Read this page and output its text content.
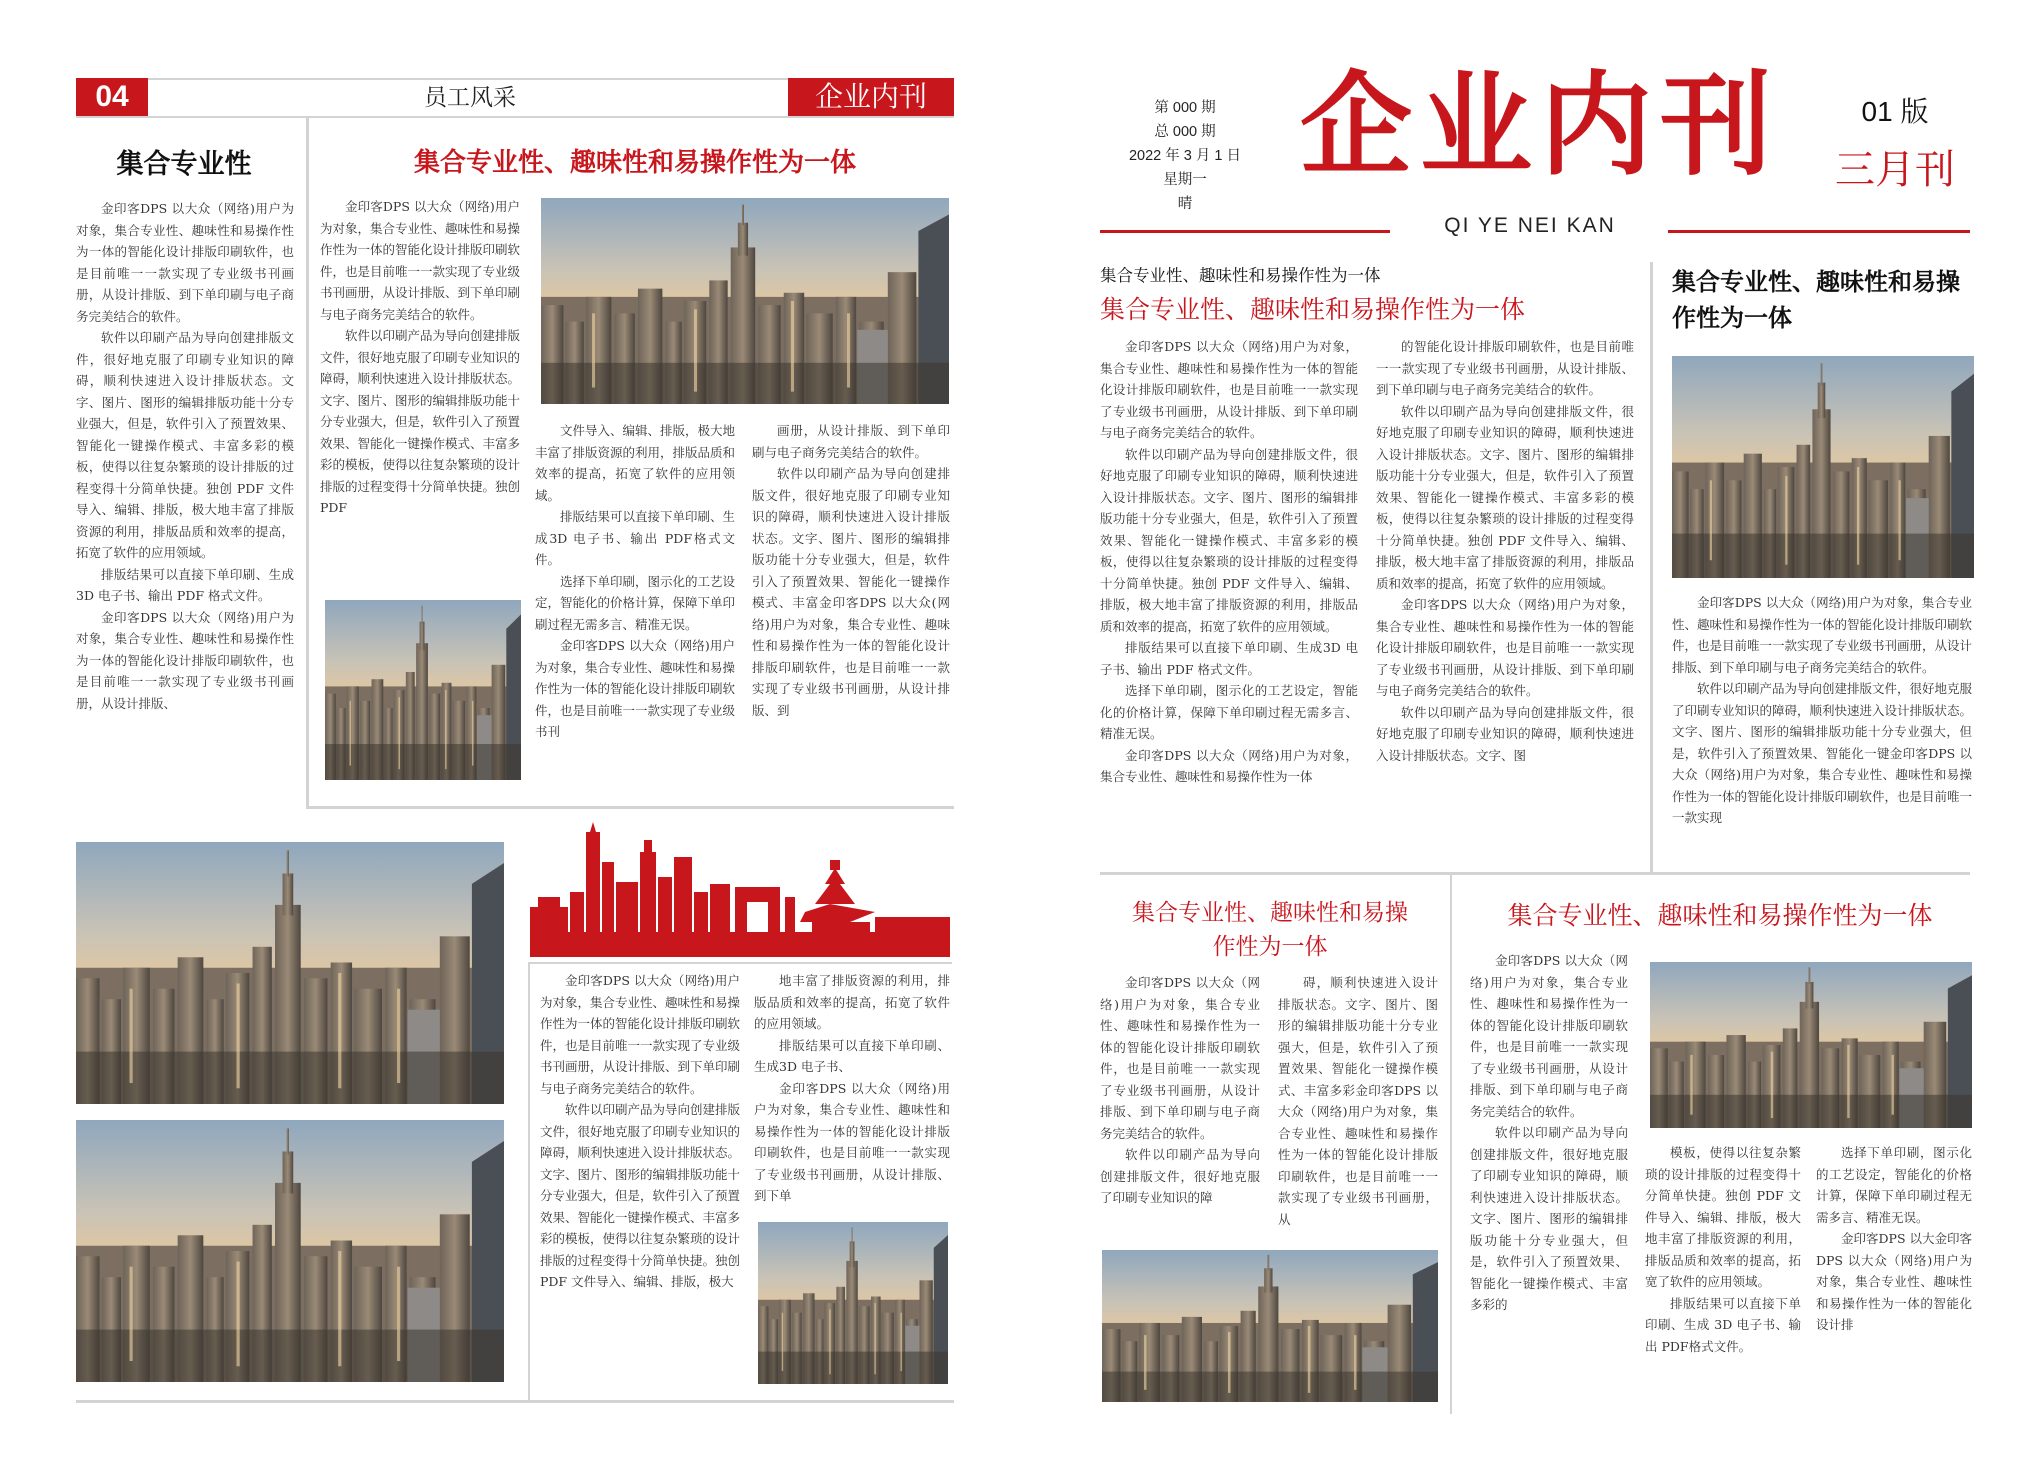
04	员工风采	企业内刊
集合专业性

金印客DPS 以大众（网络)用户为对象，集合专业性、趣味性和易操作性为一体的智能化设计排版印刷软件，也是目前唯一一款实现了专业级书刊画册，从设计排版、到下单印刷与电子商务完美结合的软件。

软件以印刷产品为导向创建排版文件，很好地克服了印刷专业知识的障碍，顺利快速进入设计排版状态。文字、图片、图形的编辑排版功能十分专业强大，但是，软件引入了预置效果、智能化一键操作模式、丰富多彩的模板，使得以往复杂繁琐的设计排版的过程变得十分简单快捷。独创 PDF 文件导入、编辑、排版，极大地丰富了排版资源的利用，排版品质和效率的提高，拓宽了软件的应用领域。

排版结果可以直接下单印刷、生成 3D 电子书、输出 PDF 格式文件。

金印客DPS 以大众（网络)用户为对象，集合专业性、趣味性和易操作性为一体的智能化设计排版印刷软件，也是目前唯一一款实现了专业级书刊画册，从设计排版、

集合专业性、趣味性和易操作性为一体

金印客DPS 以大众（网络)用户为对象，集合专业性、趣味性和易操作性为一体的智能化设计排版印刷软件，也是目前唯一一款实现了专业级书刊画册，从设计排版、到下单印刷与电子商务完美结合的软件。

软件以印刷产品为导向创建排版文件，很好地克服了印刷专业知识的障碍，顺利快速进入设计排版状态。文字、图片、图形的编辑排版功能十分专业强大，但是，软件引入了预置效果、智能化一键操作模式、丰富多彩的模板，使得以往复杂繁琐的设计排版的过程变得十分简单快捷。独创 PDF

文件导入、编辑、排版，极大地丰富了排版资源的利用，排版品质和效率的提高，拓宽了软件的应用领域。

排版结果可以直接下单印刷、生成3D 电子书、输出 PDF格式文件。

选择下单印刷，图示化的工艺设定，智能化的价格计算，保障下单印刷过程无需多言、精准无误。

金印客DPS 以大众（网络)用户为对象，集合专业性、趣味性和易操作性为一体的智能化设计排版印刷软件，也是目前唯一一款实现了专业级书刊

画册，从设计排版、到下单印刷与电子商务完美结合的软件。

软件以印刷产品为导向创建排版文件，很好地克服了印刷专业知识的障碍，顺利快速进入设计排版状态。文字、图片、图形的编辑排版功能十分专业强大，但是，软件引入了预置效果、智能化一键操作模式、丰富金印客DPS 以大众(网络)用户为对象，集合专业性、趣味性和易操作性为一体的智能化设计排版印刷软件，也是目前唯一一款实现了专业级书刊画册，从设计排版、到

金印客DPS 以大众（网络)用户为对象，集合专业性、趣味性和易操作性为一体的智能化设计排版印刷软件，也是目前唯一一款实现了专业级书刊画册，从设计排版、到下单印刷与电子商务完美结合的软件。

软件以印刷产品为导向创建排版文件，很好地克服了印刷专业知识的障碍，顺利快速进入设计排版状态。文字、图片、图形的编辑排版功能十分专业强大，但是，软件引入了预置效果、智能化一键操作模式、丰富多彩的模板，使得以往复杂繁琐的设计排版的过程变得十分简单快捷。独创 PDF 文件导入、编辑、排版，极大

地丰富了排版资源的利用，排版品质和效率的提高，拓宽了软件的应用领域。

排版结果可以直接下单印刷、生成3D 电子书、

金印客DPS 以大众（网络)用户为对象，集合专业性、趣味性和易操作性为一体的智能化设计排版印刷软件，也是目前唯一一款实现了专业级书刊画册，从设计排版、到下单

第 000 期
总 000 期
2022 年 3 月 1 日
星期一
晴
企业内刊
QI YE NEI KAN
01 版
三月刊
集合专业性、趣味性和易操作性为一体
集合专业性、趣味性和易操作性为一体

金印客DPS 以大众（网络)用户为对象，集合专业性、趣味性和易操作性为一体的智能化设计排版印刷软件，也是目前唯一一款实现了专业级书刊画册，从设计排版、到下单印刷与电子商务完美结合的软件。

软件以印刷产品为导向创建排版文件，很好地克服了印刷专业知识的障碍，顺利快速进入设计排版状态。文字、图片、图形的编辑排版功能十分专业强大，但是，软件引入了预置效果、智能化一键操作模式、丰富多彩的模板，使得以往复杂繁琐的设计排版的过程变得十分简单快捷。独创 PDF 文件导入、编辑、排版，极大地丰富了排版资源的利用，排版品质和效率的提高，拓宽了软件的应用领域。

排版结果可以直接下单印刷、生成3D 电子书、输出 PDF 格式文件。

选择下单印刷，图示化的工艺设定，智能化的价格计算，保障下单印刷过程无需多言、精准无误。

金印客DPS 以大众（网络)用户为对象，集合专业性、趣味性和易操作性为一体

的智能化设计排版印刷软件，也是目前唯一一款实现了专业级书刊画册，从设计排版、到下单印刷与电子商务完美结合的软件。

软件以印刷产品为导向创建排版文件，很好地克服了印刷专业知识的障碍，顺利快速进入设计排版状态。文字、图片、图形的编辑排版功能十分专业强大，但是，软件引入了预置效果、智能化一键操作模式、丰富多彩的模板，使得以往复杂繁琐的设计排版的过程变得十分简单快捷。独创 PDF 文件导入、编辑、排版，极大地丰富了排版资源的利用，排版品质和效率的提高，拓宽了软件的应用领域。

金印客DPS 以大众（网络)用户为对象，集合专业性、趣味性和易操作性为一体的智能化设计排版印刷软件，也是目前唯一一款实现了专业级书刊画册，从设计排版、到下单印刷与电子商务完美结合的软件。

软件以印刷产品为导向创建排版文件，很好地克服了印刷专业知识的障碍，顺利快速进入设计排版状态。文字、图

集合专业性、趣味性和易操作性为一体

金印客DPS 以大众（网络)用户为对象，集合专业性、趣味性和易操作性为一体的智能化设计排版印刷软件，也是目前唯一一款实现了专业级书刊画册，从设计排版、到下单印刷与电子商务完美结合的软件。

软件以印刷产品为导向创建排版文件，很好地克服了印刷专业知识的障碍，顺利快速进入设计排版状态。文字、图片、图形的编辑排版功能十分专业强大，但是，软件引入了预置效果、智能化一键金印客DPS 以大众（网络)用户为对象，集合专业性、趣味性和易操作性为一体的智能化设计排版印刷软件，也是目前唯一一款实现

集合专业性、趣味性和易操作性为一体

金印客DPS 以大众（网络)用户为对象，集合专业性、趣味性和易操作性为一体的智能化设计排版印刷软件，也是目前唯一一款实现了专业级书刊画册，从设计排版、到下单印刷与电子商务完美结合的软件。

软件以印刷产品为导向创建排版文件，很好地克服了印刷专业知识的障

碍，顺利快速进入设计排版状态。文字、图片、图形的编辑排版功能十分专业强大，但是，软件引入了预置效果、智能化一键操作模式、丰富多彩金印客DPS 以大众（网络)用户为对象，集合专业性、趣味性和易操作性为一体的智能化设计排版印刷软件，也是目前唯一一款实现了专业级书刊画册，从

集合专业性、趣味性和易操作性为一体

金印客DPS 以大众（网络)用户为对象，集合专业性、趣味性和易操作性为一体的智能化设计排版印刷软件，也是目前唯一一款实现了专业级书刊画册，从设计排版、到下单印刷与电子商务完美结合的软件。

软件以印刷产品为导向创建排版文件，很好地克服了印刷专业知识的障碍，顺利快速进入设计排版状态。文字、图片、图形的编辑排版功能十分专业强大，但是，软件引入了预置效果、智能化一键操作模式、丰富多彩的

模板，使得以往复杂繁琐的设计排版的过程变得十分简单快捷。独创 PDF 文件导入、编辑、排版，极大地丰富了排版资源的利用，排版品质和效率的提高，拓宽了软件的应用领域。

排版结果可以直接下单印刷、生成 3D 电子书、输出 PDF格式文件。

选择下单印刷，图示化的工艺设定，智能化的价格计算，保障下单印刷过程无需多言、精准无误。

金印客DPS 以大金印客DPS 以大众（网络)用户为对象，集合专业性、趣味性和易操作性为一体的智能化设计排
